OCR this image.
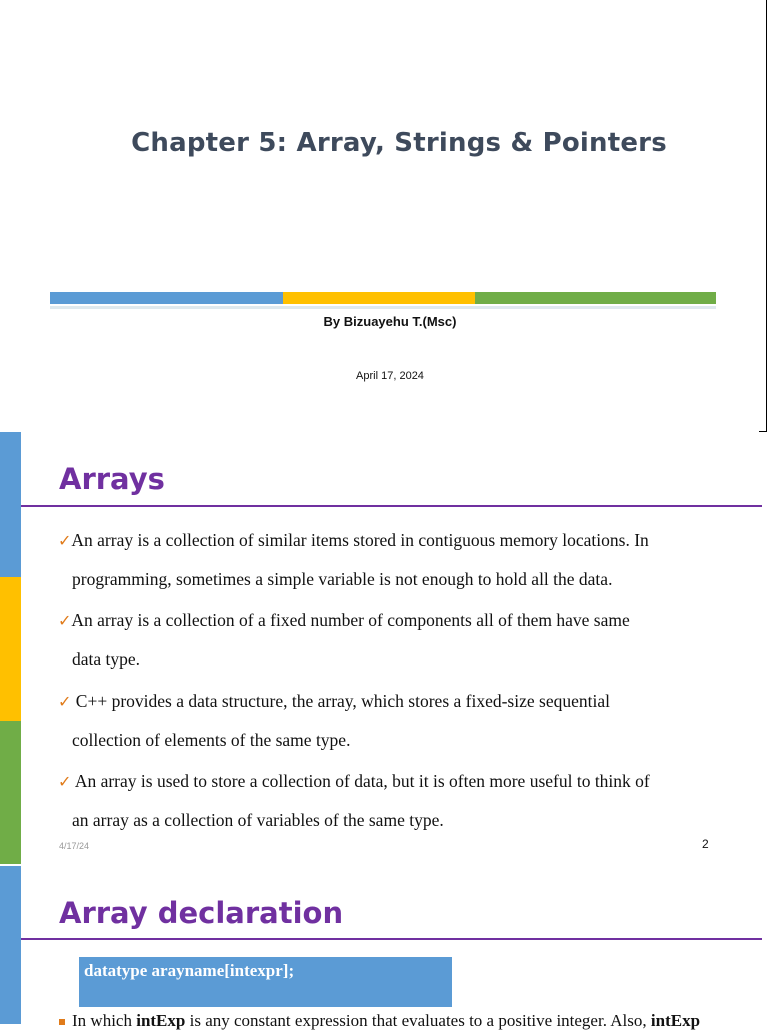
Chapter 5: Array, Strings & Pointers
By Bizuayehu T.(Msc)
April 17, 2024
Arrays
✓An array is a collection of similar items stored in contiguous memory locations. In
programming, sometimes a simple variable is not enough to hold all the data.
✓An array is a collection of a fixed number of components all of them have same
data type.
✓ C++ provides a data structure, the array, which stores a fixed-size sequential
collection of elements of the same type.
✓ An array is used to store a collection of data, but it is often more useful to think of
an array as a collection of variables of the same type.
4/17/24	2
Array declaration
datatype arayname[intexpr];
In which intExp is any constant expression that evaluates to a positive integer. Also, intExp
